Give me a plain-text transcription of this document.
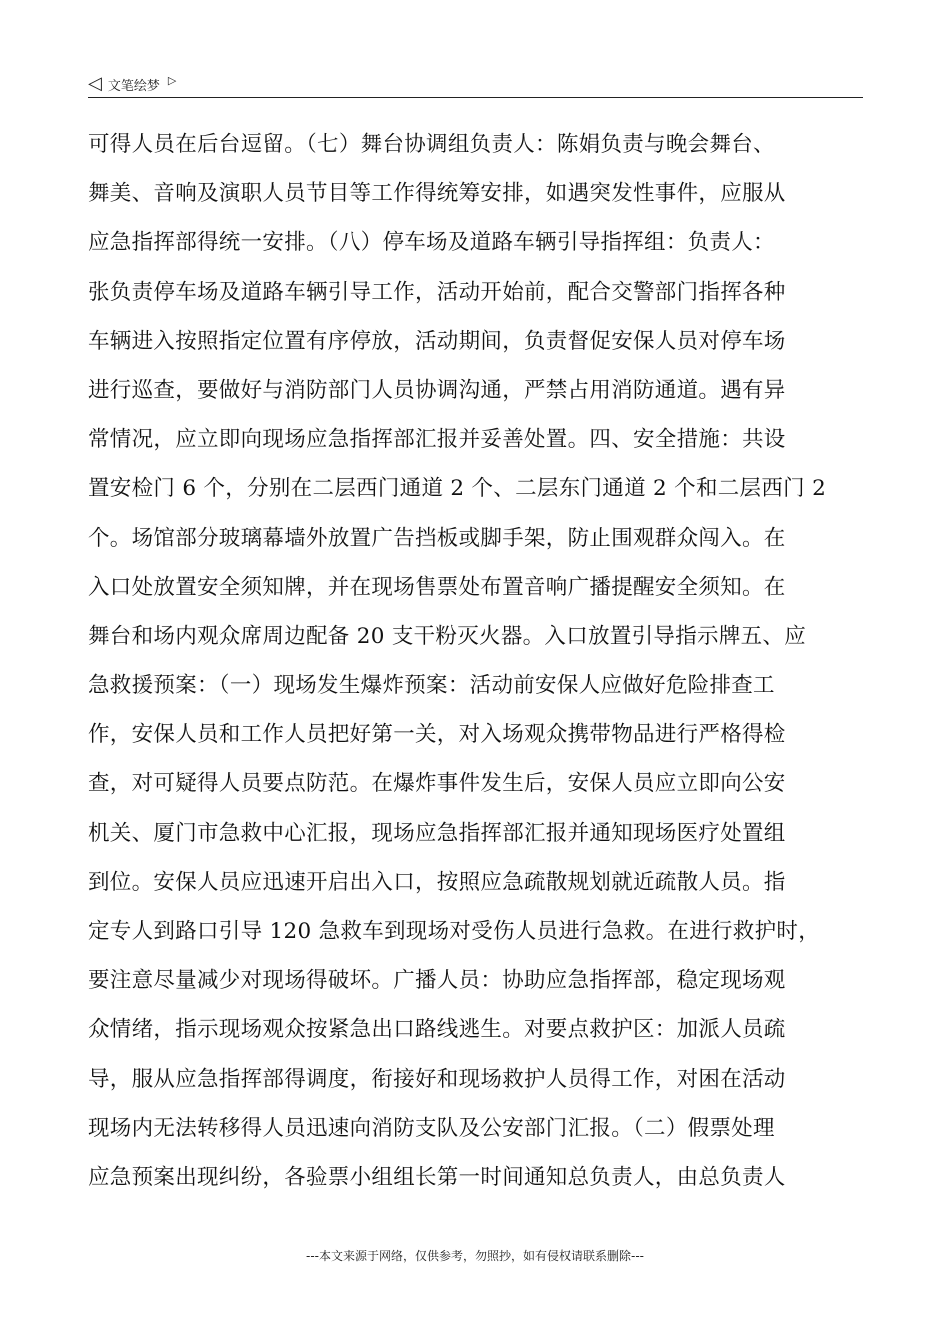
◁ 文笔绘梦 ▷
可得人员在后台逗留。（七）舞台协调组负责人：陈娟负责与晚会舞台、
舞美、音响及演职人员节目等工作得统筹安排，如遇突发性事件，应服从
应急指挥部得统一安排。（八）停车场及道路车辆引导指挥组：负责人：
张负责停车场及道路车辆引导工作，活动开始前，配合交警部门指挥各种
车辆进入按照指定位置有序停放，活动期间，负责督促安保人员对停车场
进行巡查，要做好与消防部门人员协调沟通，严禁占用消防通道。遇有异
常情况，应立即向现场应急指挥部汇报并妥善处置。四、安全措施：共设
置安检门 6 个，分别在二层西门通道 2 个、二层东门通道 2 个和二层西门 2
个。场馆部分玻璃幕墙外放置广告挡板或脚手架，防止围观群众闯入。在
入口处放置安全须知牌，并在现场售票处布置音响广播提醒安全须知。在
舞台和场内观众席周边配备 20 支干粉灭火器。入口放置引导指示牌五、应
急救援预案：（一）现场发生爆炸预案：活动前安保人应做好危险排查工
作，安保人员和工作人员把好第一关，对入场观众携带物品进行严格得检
查，对可疑得人员要点防范。在爆炸事件发生后，安保人员应立即向公安
机关、厦门市急救中心汇报，现场应急指挥部汇报并通知现场医疗处置组
到位。安保人员应迅速开启出入口，按照应急疏散规划就近疏散人员。指
定专人到路口引导 120 急救车到现场对受伤人员进行急救。在进行救护时，
要注意尽量减少对现场得破坏。广播人员：协助应急指挥部，稳定现场观
众情绪，指示现场观众按紧急出口路线逃生。对要点救护区：加派人员疏
导，服从应急指挥部得调度，衔接好和现场救护人员得工作，对困在活动
现场内无法转移得人员迅速向消防支队及公安部门汇报。（二）假票处理
应急预案出现纠纷，各验票小组组长第一时间通知总负责人，由总负责人
---本文来源于网络，仅供参考，勿照抄，如有侵权请联系删除---
